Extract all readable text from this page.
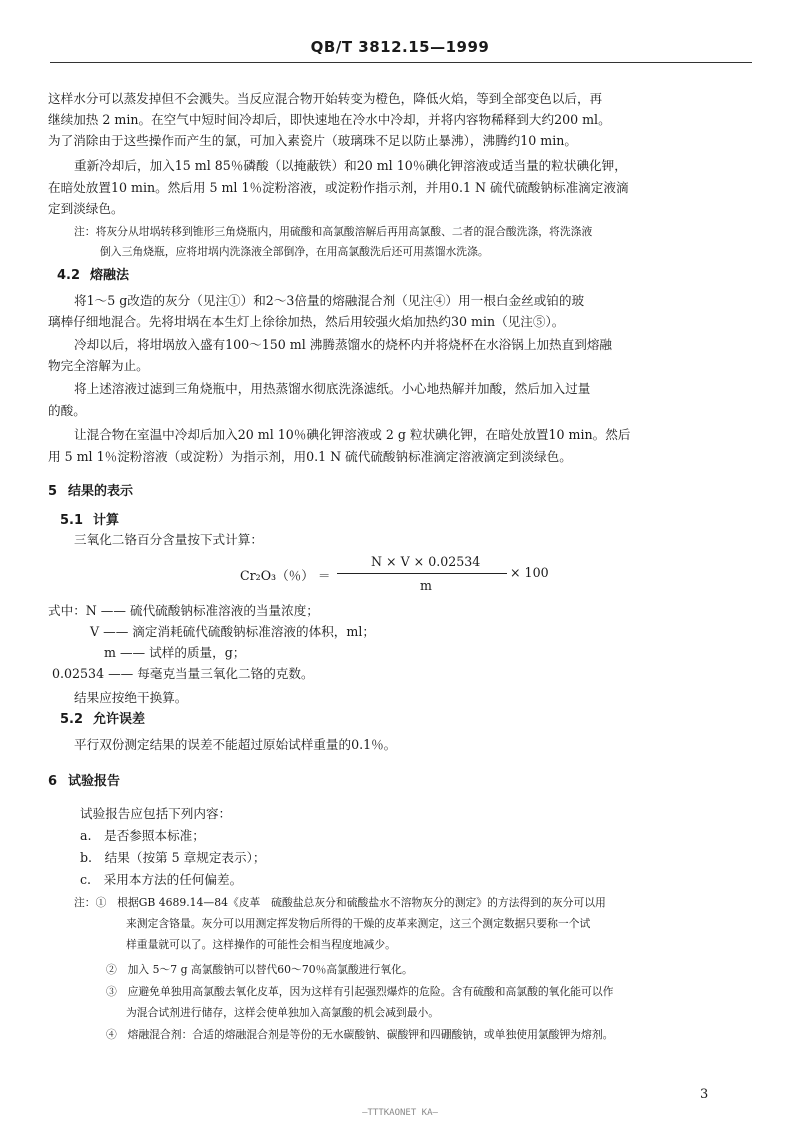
QB/T 3812.15—1999
这样水分可以蒸发掉但不会溅失。当反应混合物开始转变为橙色，降低火焰，等到全部变色以后，再
继续加热 2 min。在空气中短时间冷却后，即快速地在冷水中冷却，并将内容物稀释到大约200 ml。
为了消除由于这些操作而产生的氯，可加入素瓷片（玻璃珠不足以防止暴沸），沸腾约10 min。
重新冷却后，加入15 ml 85％磷酸（以掩蔽铁）和20 ml 10％碘化钾溶液或适当量的粒状碘化钾，
在暗处放置10 min。然后用 5 ml 1％淀粉溶液，或淀粉作指示剂，并用0.1 N 硫代硫酸钠标准滴定液滴
定到淡绿色。
注：将灰分从坩埚转移到锥形三角烧瓶内，用硫酸和高氯酸溶解后再用高氯酸、二者的混合酸洗涤，将洗涤液
倒入三角烧瓶，应将坩埚内洗涤液全部倒净，在用高氯酸洗后还可用蒸馏水洗涤。
4.2 熔融法
将1～5 g改造的灰分（见注①）和2～3倍量的熔融混合剂（见注④）用一根白金丝或铂的玻
璃棒仔细地混合。先将坩埚在本生灯上徐徐加热，然后用较强火焰加热约30 min（见注⑤）。
冷却以后，将坩埚放入盛有100～150 ml 沸腾蒸馏水的烧杯内并将烧杯在水浴锅上加热直到熔融
物完全溶解为止。
将上述溶液过滤到三角烧瓶中，用热蒸馏水彻底洗涤滤纸。小心地热解并加酸，然后加入过量
的酸。
让混合物在室温中冷却后加入20 ml 10％碘化钾溶液或 2 g 粒状碘化钾，在暗处放置10 min。然后
用 5 ml 1％淀粉溶液（或淀粉）为指示剂，用0.1 N 硫代硫酸钠标准滴定溶液滴定到淡绿色。
5 结果的表示
5.1 计算
三氧化二铬百分含量按下式计算：
Cr₂O₃（％） ＝
N × V × 0.02534
m
× 100
式中：N —— 硫代硫酸钠标准溶液的当量浓度；
V —— 滴定消耗硫代硫酸钠标准溶液的体积，ml；
m —— 试样的质量，g；
0.02534 —— 每毫克当量三氧化二铬的克数。
结果应按绝干换算。
5.2 允许误差
平行双份测定结果的误差不能超过原始试样重量的0.1％。
6 试验报告
试验报告应包括下列内容：
a.　是否参照本标准；
b.　结果（按第 5 章规定表示）；
c.　采用本方法的任何偏差。
注：①　根据GB 4689.14—84《皮革　硫酸盐总灰分和硫酸盐水不溶物灰分的测定》的方法得到的灰分可以用
来测定含铬量。灰分可以用测定挥发物后所得的干燥的皮革来测定，这三个测定数据只要称一个试
样重量就可以了。这样操作的可能性会相当程度地减少。
②　加入 5～7 g 高氯酸钠可以替代60～70％高氯酸进行氧化。
③　应避免单独用高氯酸去氧化皮革，因为这样有引起强烈爆炸的危险。含有硫酸和高氯酸的氧化能可以作
为混合试剂进行储存，这样会使单独加入高氯酸的机会减到最小。
④　熔融混合剂：合适的熔融混合剂是等份的无水碳酸钠、碳酸钾和四硼酸钠，或单独使用氯酸钾为熔剂。
3
—TTTKAONET KA—
